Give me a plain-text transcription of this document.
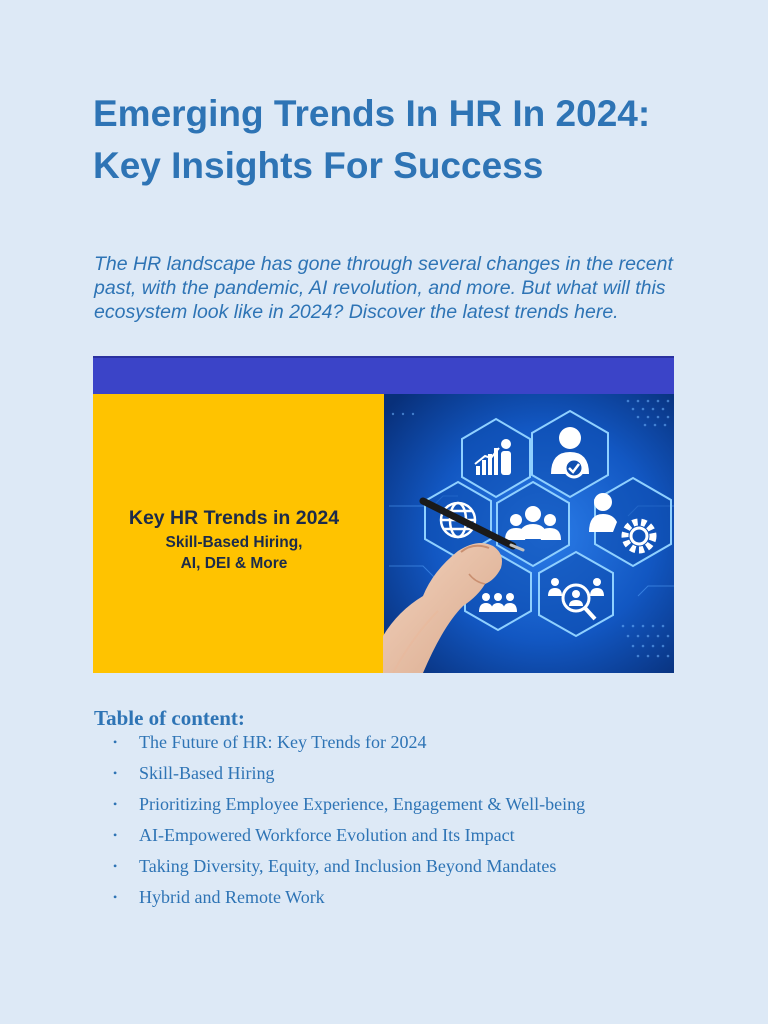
Emerging Trends In HR In 2024: Key Insights For Success

The HR landscape has gone through several changes in the recent past, with the pandemic, AI revolution, and more. But what will this ecosystem look like in 2024? Discover the latest trends here.

Key HR Trends in 2024
Skill-Based Hiring,
AI, DEI & More
Table of content:
• The Future of HR: Key Trends for 2024
• Skill-Based Hiring
• Prioritizing Employee Experience, Engagement & Well-being
• AI-Empowered Workforce Evolution and Its Impact
• Taking Diversity, Equity, and Inclusion Beyond Mandates
• Hybrid and Remote Work
